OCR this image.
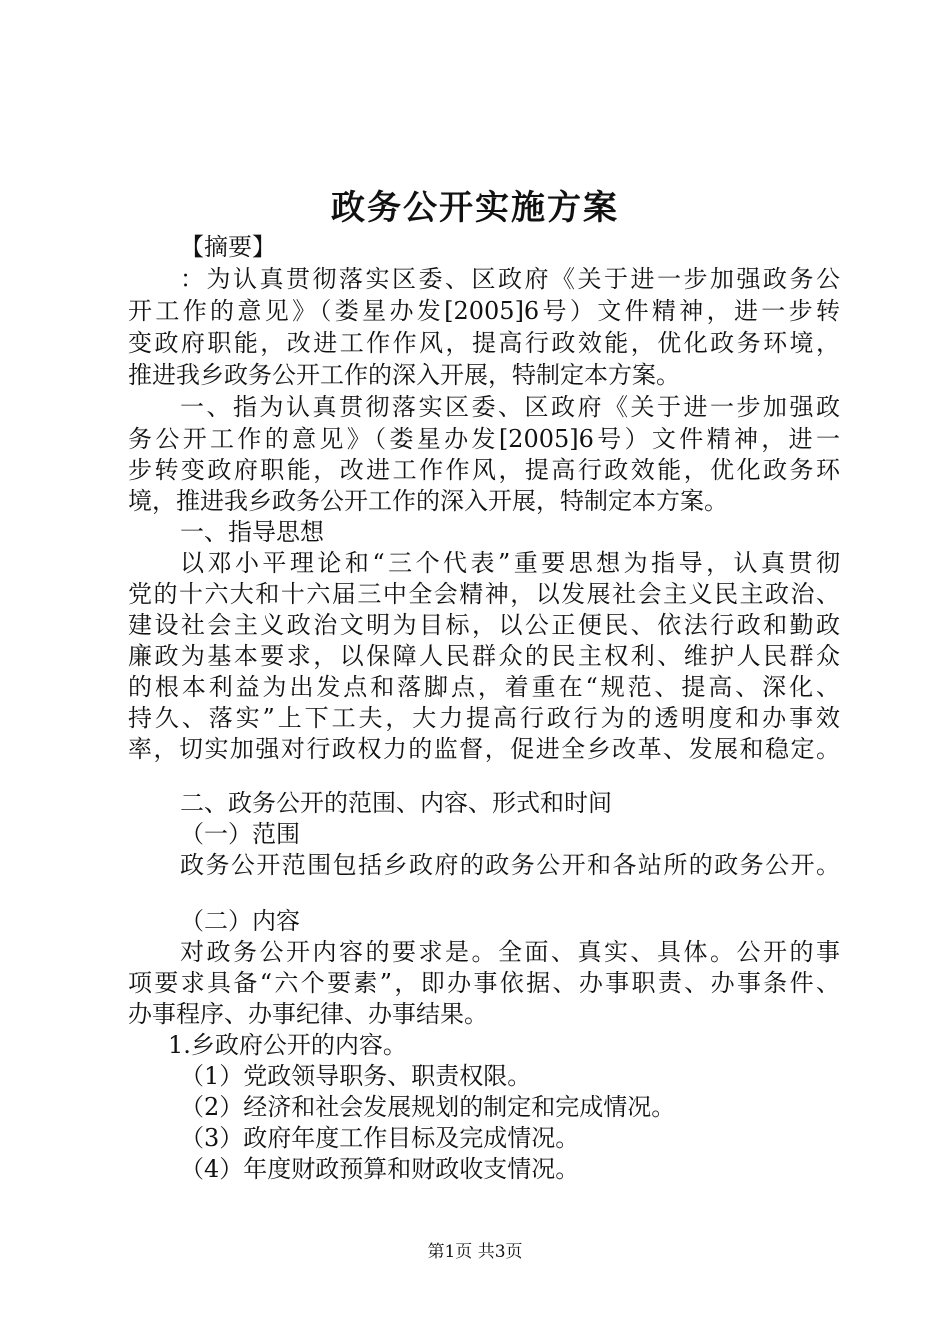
政务公开实施方案
【摘要】
：为认真贯彻落实区委、区政府《关于进一步加强政务公
开工作的意见》（娄星办发[2005]6号）文件精神，进一步转
变政府职能，改进工作作风，提高行政效能，优化政务环境，
推进我乡政务公开工作的深入开展，特制定本方案。
一、指为认真贯彻落实区委、区政府《关于进一步加强政
务公开工作的意见》（娄星办发[2005]6号）文件精神，进一
步转变政府职能，改进工作作风，提高行政效能，优化政务环
境，推进我乡政务公开工作的深入开展，特制定本方案。
一、指导思想
以邓小平理论和“三个代表”重要思想为指导，认真贯彻
党的十六大和十六届三中全会精神，以发展社会主义民主政治、
建设社会主义政治文明为目标，以公正便民、依法行政和勤政
廉政为基本要求，以保障人民群众的民主权利、维护人民群众
的根本利益为出发点和落脚点，着重在“规范、提高、深化、
持久、落实”上下工夫，大力提高行政行为的透明度和办事效
率，切实加强对行政权力的监督，促进全乡改革、发展和稳定。
二、政务公开的范围、内容、形式和时间
（一）范围
政务公开范围包括乡政府的政务公开和各站所的政务公开。
（二）内容
对政务公开内容的要求是。全面、真实、具体。公开的事
项要求具备“六个要素”，即办事依据、办事职责、办事条件、
办事程序、办事纪律、办事结果。
1.乡政府公开的内容。
（1）党政领导职务、职责权限。
（2）经济和社会发展规划的制定和完成情况。
（3）政府年度工作目标及完成情况。
（4）年度财政预算和财政收支情况。
第1页 共3页
